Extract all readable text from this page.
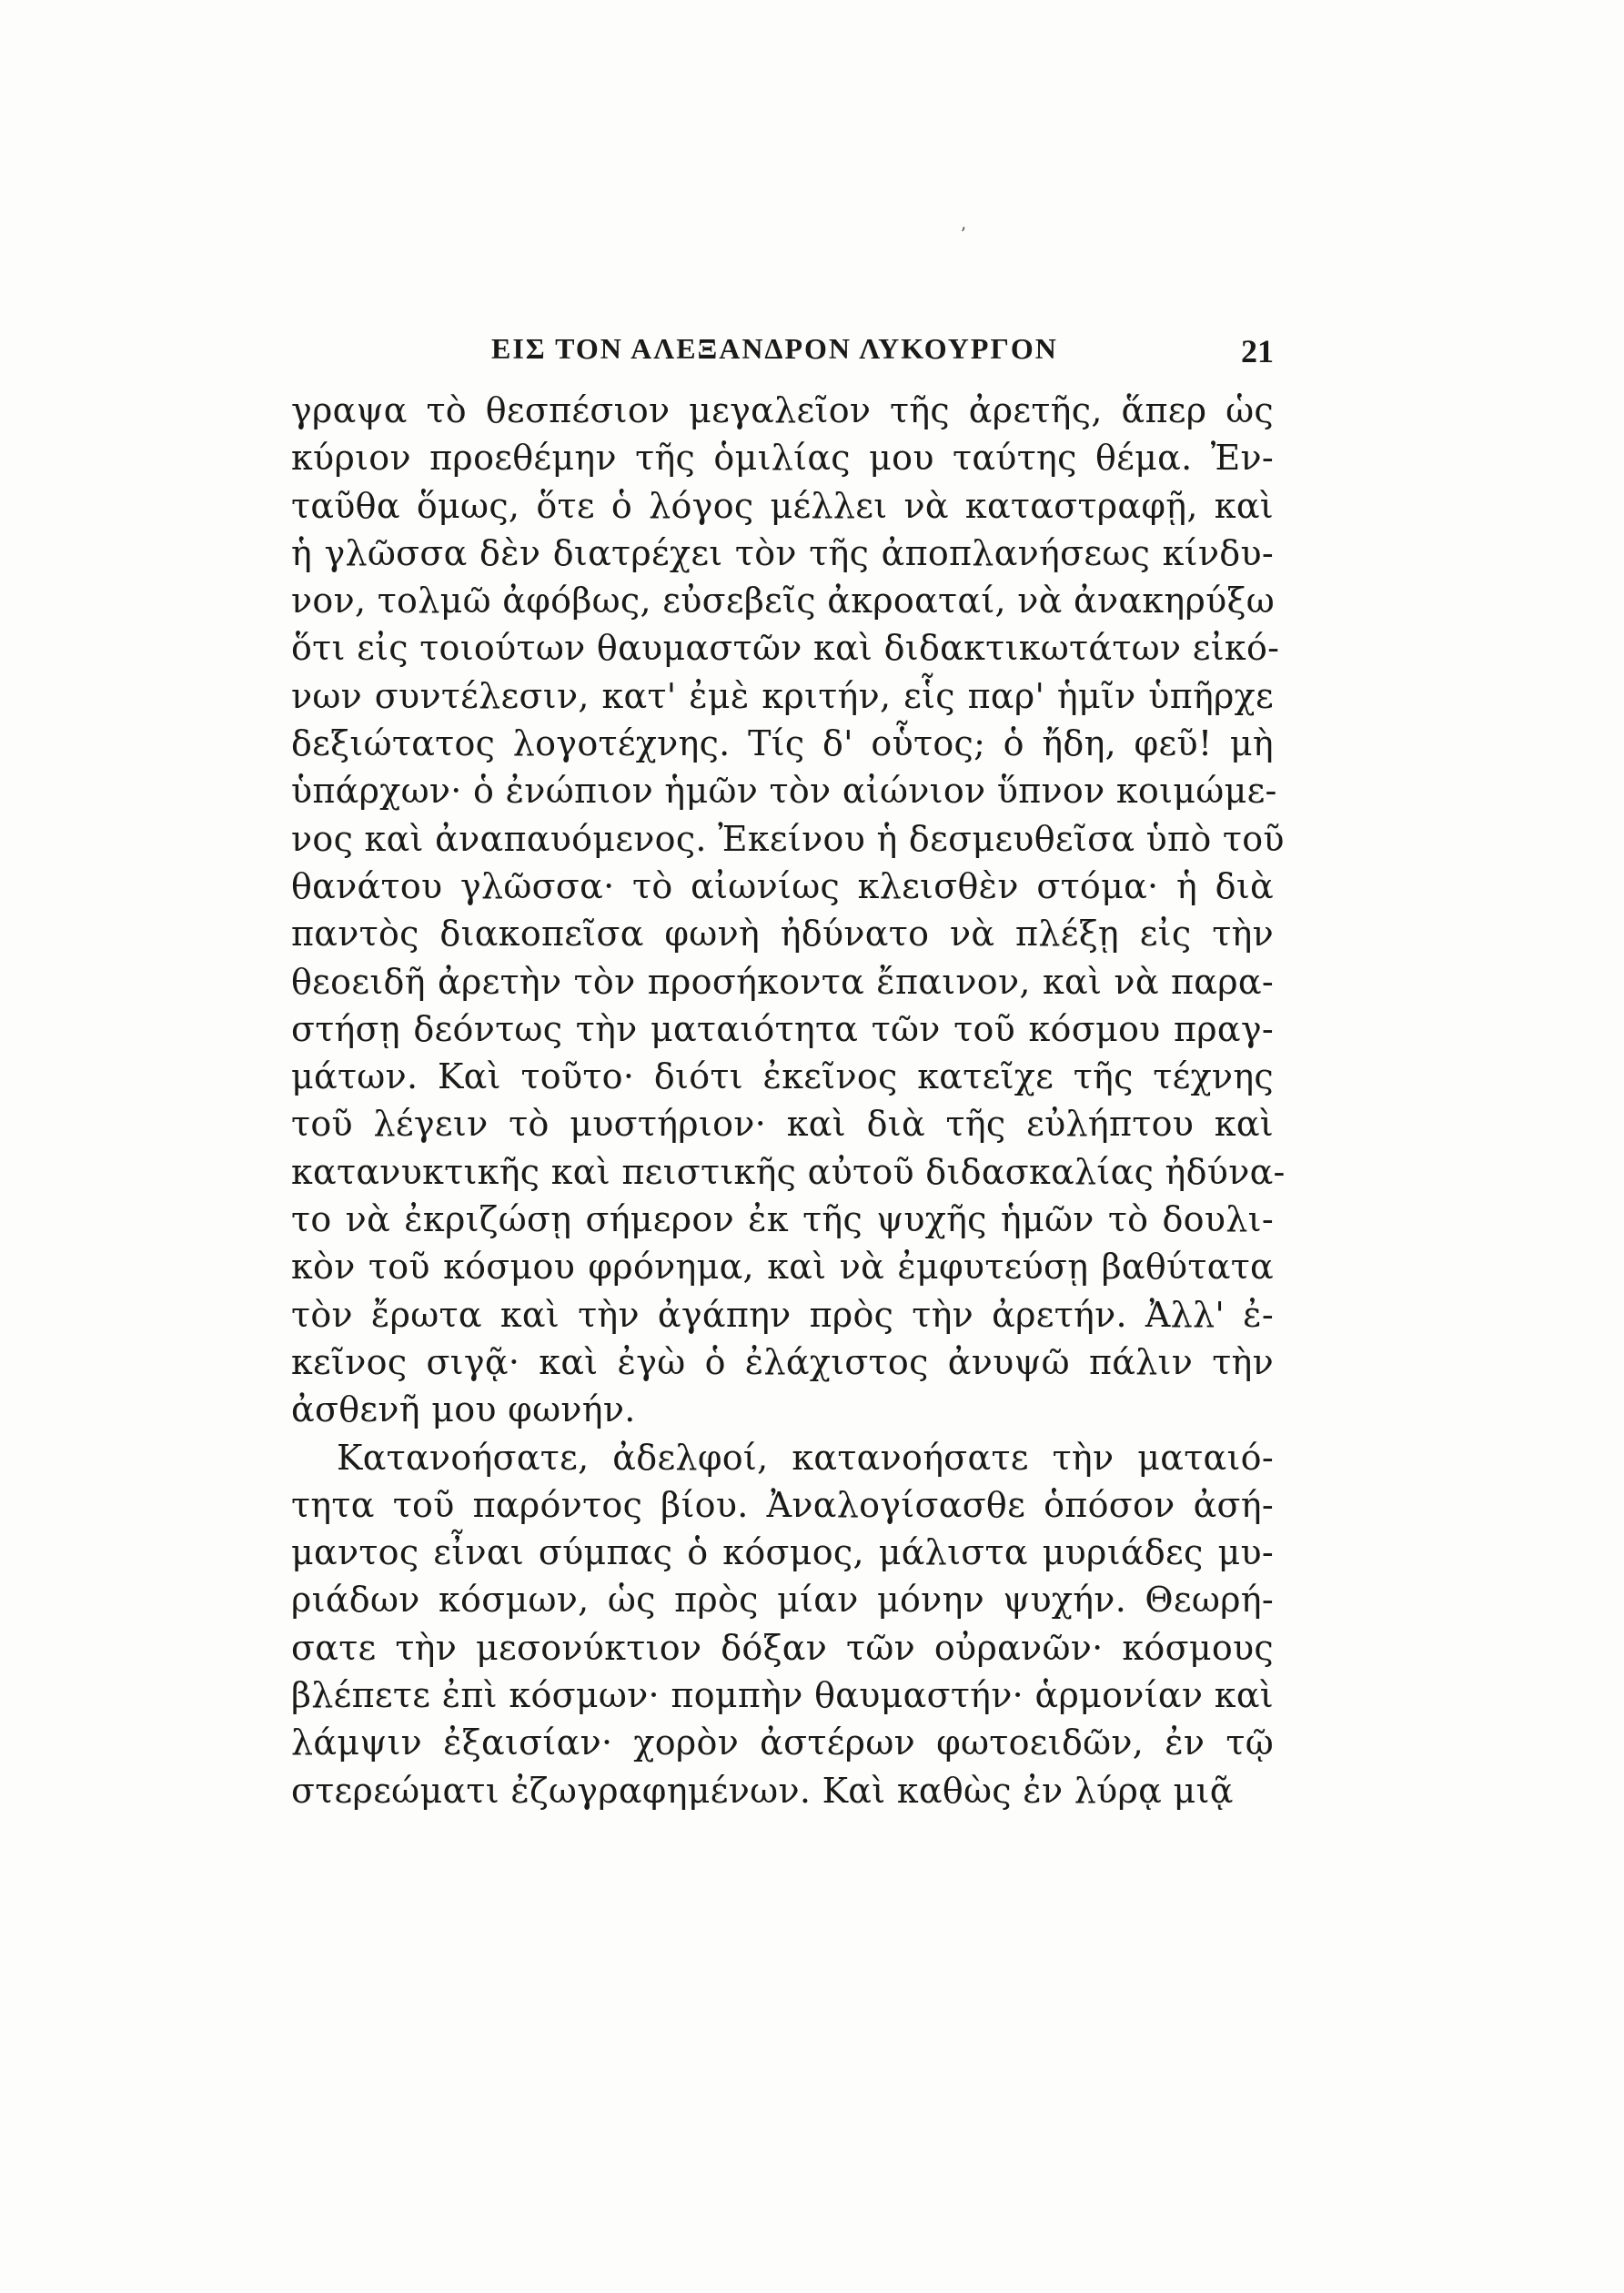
ʼ
ΕΙΣ ΤΟΝ ΑΛΕΞΑΝΔΡΟΝ ΛΥΚΟΥΡΓΟΝ	21

γραψα τὸ θεσπέσιον μεγαλεῖον τῆς ἀρετῆς, ἅπερ ὡς
κύριον προεθέμην τῆς ὁμιλίας μου ταύτης θέμα. Ἐν-
ταῦθα ὅμως, ὅτε ὁ λόγος μέλλει νὰ καταστραφῇ, καὶ
ἡ γλῶσσα δὲν διατρέχει τὸν τῆς ἀποπλανήσεως κίνδυ-
νον, τολμῶ ἀφόβως, εὐσεβεῖς ἀκροαταί, νὰ ἀνακηρύξω
ὅτι εἰς τοιούτων θαυμαστῶν καὶ διδακτικωτάτων εἰκό-
νων συντέλεσιν, κατ' ἐμὲ κριτήν, εἷς παρ' ἡμῖν ὑπῆρχε
δεξιώτατος λογοτέχνης. Τίς δ' οὗτος; ὁ ἤδη, φεῦ! μὴ
ὑπάρχων· ὁ ἐνώπιον ἡμῶν τὸν αἰώνιον ὕπνον κοιμώμε-
νος καὶ ἀναπαυόμενος. Ἐκείνου ἡ δεσμευθεῖσα ὑπὸ τοῦ
θανάτου γλῶσσα· τὸ αἰωνίως κλεισθὲν στόμα· ἡ διὰ
παντὸς διακοπεῖσα φωνὴ ἠδύνατο νὰ πλέξῃ εἰς τὴν
θεοειδῆ ἀρετὴν τὸν προσήκοντα ἔπαινον, καὶ νὰ παρα-
στήσῃ δεόντως τὴν ματαιότητα τῶν τοῦ κόσμου πραγ-
μάτων. Καὶ τοῦτο· διότι ἐκεῖνος κατεῖχε τῆς τέχνης
τοῦ λέγειν τὸ μυστήριον· καὶ διὰ τῆς εὐλήπτου καὶ
κατανυκτικῆς καὶ πειστικῆς αὐτοῦ διδασκαλίας ἠδύνα-
το νὰ ἐκριζώσῃ σήμερον ἐκ τῆς ψυχῆς ἡμῶν τὸ δουλι-
κὸν τοῦ κόσμου φρόνημα, καὶ νὰ ἐμφυτεύσῃ βαθύτατα
τὸν ἔρωτα καὶ τὴν ἀγάπην πρὸς τὴν ἀρετήν. Ἀλλ' ἐ-
κεῖνος σιγᾷ· καὶ ἐγὼ ὁ ἐλάχιστος ἀνυψῶ πάλιν τὴν
ἀσθενῆ μου φωνήν.

Κατανοήσατε, ἀδελφοί, κατανοήσατε τὴν ματαιό-
τητα τοῦ παρόντος βίου. Ἀναλογίσασθε ὁπόσον ἀσή-
μαντος εἶναι σύμπας ὁ κόσμος, μάλιστα μυριάδες μυ-
ριάδων κόσμων, ὡς πρὸς μίαν μόνην ψυχήν. Θεωρή-
σατε τὴν μεσονύκτιον δόξαν τῶν οὐρανῶν· κόσμους
βλέπετε ἐπὶ κόσμων· πομπὴν θαυμαστήν· ἁρμονίαν καὶ
λάμψιν ἐξαισίαν· χορὸν ἀστέρων φωτοειδῶν, ἐν τῷ
στερεώματι ἐζωγραφημένων. Καὶ καθὼς ἐν λύρᾳ μιᾷ
